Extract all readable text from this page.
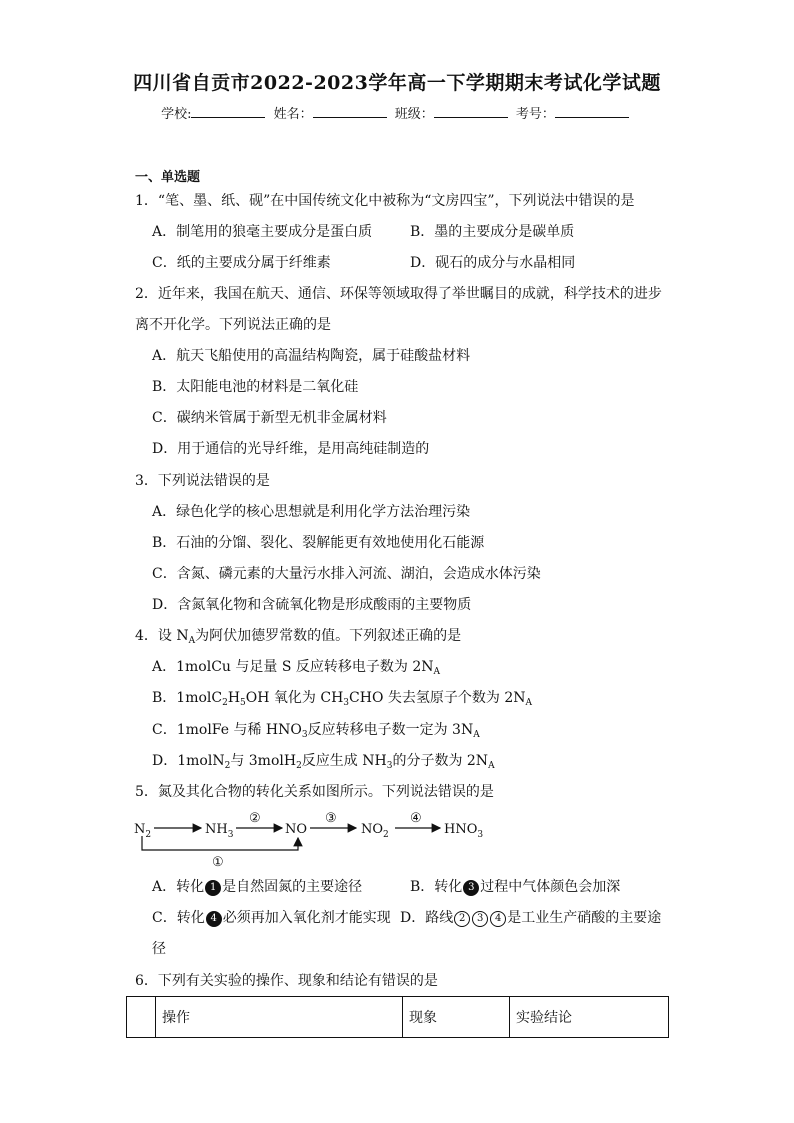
四川省自贡市2022-2023学年高一下学期期末考试化学试题
学校:	姓名：	班级：	考号：
一、单选题
1．“笔、墨、纸、砚”在中国传统文化中被称为“文房四宝”，下列说法中错误的是
A．制笔用的狼毫主要成分是蛋白质	B．墨的主要成分是碳单质
C．纸的主要成分属于纤维素	D．砚石的成分与水晶相同
2．近年来，我国在航天、通信、环保等领域取得了举世瞩目的成就，科学技术的进步
离不开化学。下列说法正确的是
A．航天飞船使用的高温结构陶瓷，属于硅酸盐材料
B．太阳能电池的材料是二氧化硅
C．碳纳米管属于新型无机非金属材料
D．用于通信的光导纤维，是用高纯硅制造的
3．下列说法错误的是
A．绿色化学的核心思想就是利用化学方法治理污染
B．石油的分馏、裂化、裂解能更有效地使用化石能源
C．含氮、磷元素的大量污水排入河流、湖泊，会造成水体污染
D．含氮氧化物和含硫氧化物是形成酸雨的主要物质
4．设 $N_A$为阿伏加德罗常数的值。下列叙述正确的是
A．1molCu 与足量 S 反应转移电子数为 $2N_A$
B．$1molC_2H_5OH$ 氧化为 $CH_3CHO$ 失去氢原子个数为 $2N_A$
C．1molFe 与稀 $HNO_3$反应转移电子数一定为 $3N_A$
D．1molN$_2$与 3molH$_2$反应生成 $NH_3$的分子数为 $2N_A$
5．氮及其化合物的转化关系如图所示。下列说法错误的是
$N_2$	$NH_3$
②
NO
③
$NO_2$
④
$HNO_3$
①
A．转化 1 是自然固氮的主要途径	B．转化 3 过程中气体颜色会加深
C．转化 4 必须再加入氧化剂才能实现 D．路线 2 3 4 是工业生产硝酸的主要途
径
6．下列有关实验的操作、现象和结论有错误的是
	操作	现象	实验结论
